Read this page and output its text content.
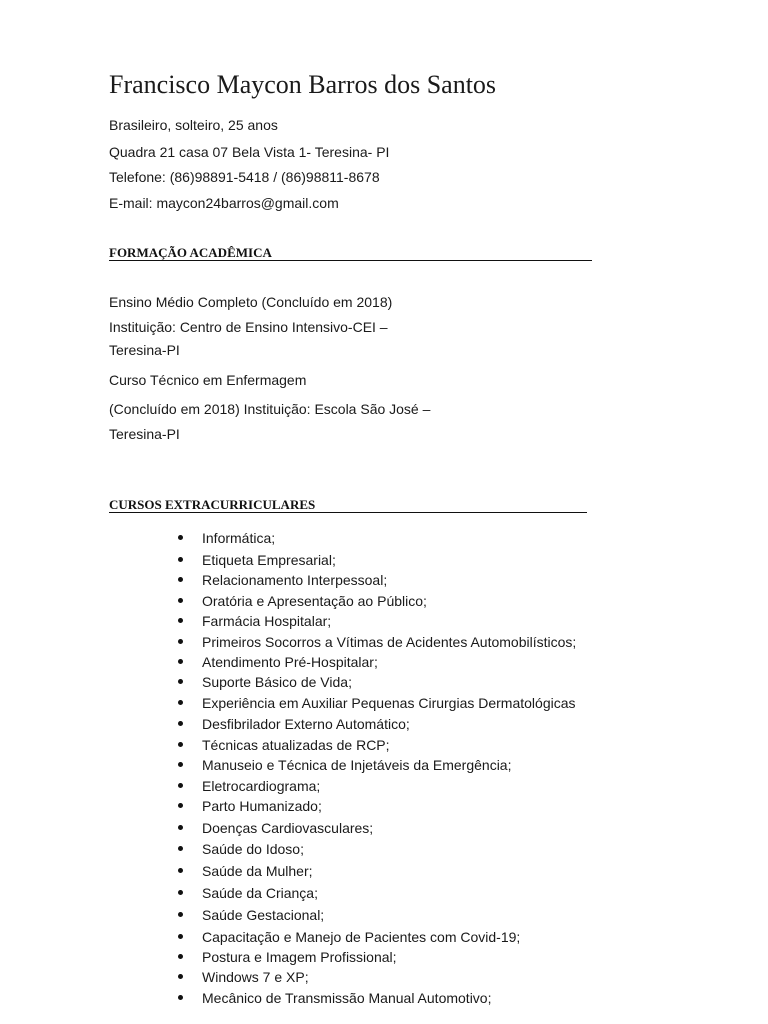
Francisco Maycon Barros dos Santos
Brasileiro, solteiro, 25 anos
Quadra 21 casa 07 Bela Vista 1- Teresina- PI
Telefone: (86)98891-5418 / (86)98811-8678
E-mail: maycon24barros@gmail.com
FORMAÇÃO ACADÊMICA
Ensino Médio Completo (Concluído em 2018)
Instituição: Centro de Ensino Intensivo-CEI –
Teresina-PI
Curso Técnico em Enfermagem
(Concluído em 2018) Instituição: Escola São José –
Teresina-PI
CURSOS EXTRACURRICULARES
Informática;
Etiqueta Empresarial;
Relacionamento Interpessoal;
Oratória e Apresentação ao Público;
Farmácia Hospitalar;
Primeiros Socorros a Vítimas de Acidentes Automobilísticos;
Atendimento Pré-Hospitalar;
Suporte Básico de Vida;
Experiência em Auxiliar Pequenas Cirurgias Dermatológicas
Desfibrilador Externo Automático;
Técnicas atualizadas de RCP;
Manuseio e Técnica de Injetáveis da Emergência;
Eletrocardiograma;
Parto Humanizado;
Doenças Cardiovasculares;
Saúde do Idoso;
Saúde da Mulher;
Saúde da Criança;
Saúde Gestacional;
Capacitação e Manejo de Pacientes com Covid-19;
Postura e Imagem Profissional;
Windows 7 e XP;
Mecânico de Transmissão Manual Automotivo;
